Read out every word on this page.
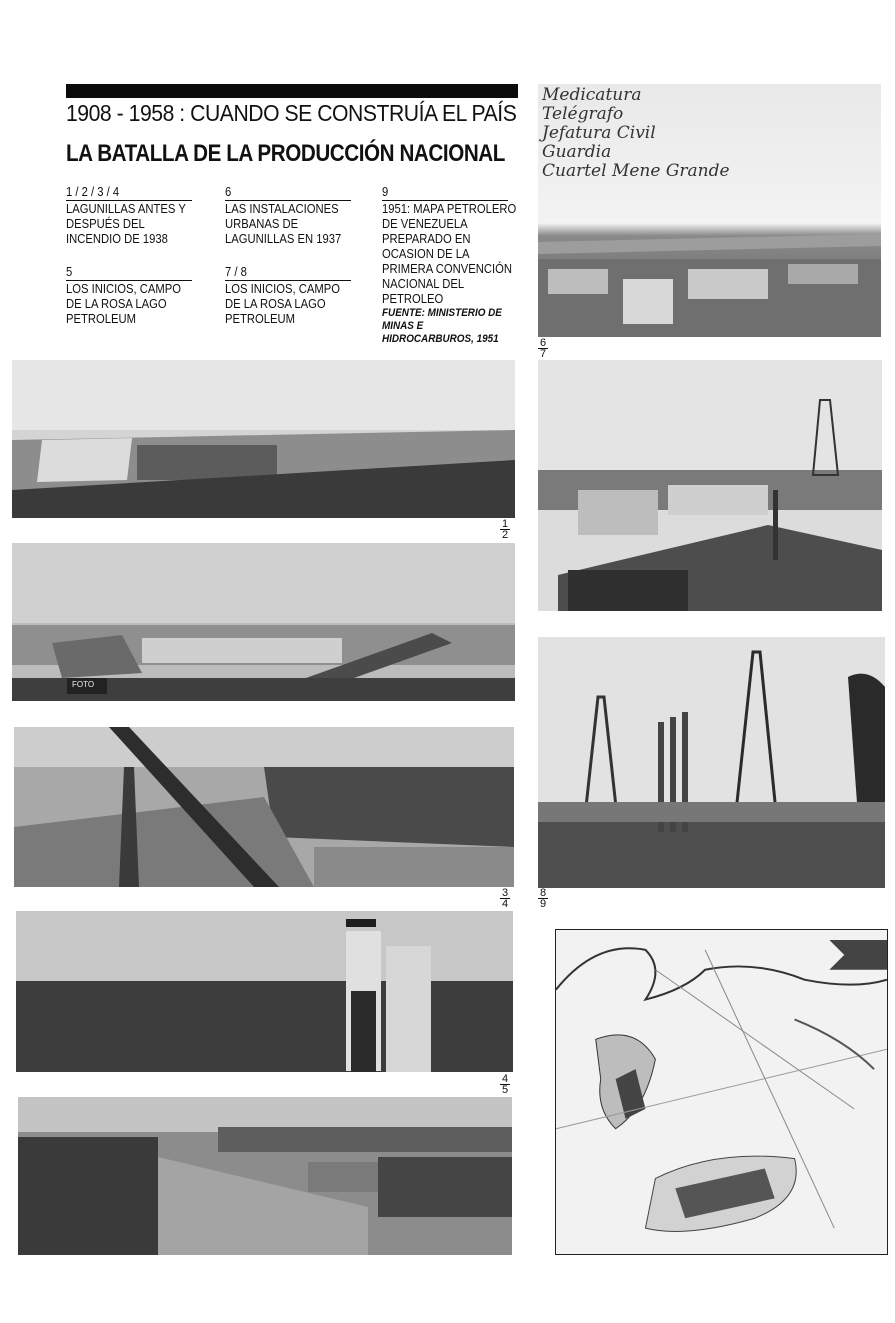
1908 - 1958 : CUANDO SE CONSTRUÍA EL PAÍS
LA BATALLA DE LA PRODUCCIÓN NACIONAL
1 / 2 / 3 / 4
LAGUNILLAS ANTES Y DESPUÉS DEL INCENDIO DE 1938
6
LAS INSTALACIONES URBANAS DE LAGUNILLAS EN 1937
9
1951: MAPA PETROLERO DE VENEZUELA PREPARADO EN OCASION DE LA PRIMERA CONVENCIÓN NACIONAL DEL PETROLEO
FUENTE: MINISTERIO DE MINAS E HIDROCARBUROS, 1951
5
LOS INICIOS, CAMPO DE LA ROSA LAGO PETROLEUM
7 / 8
LOS INICIOS, CAMPO DE LA ROSA LAGO PETROLEUM
Medicatura
Telégrafo
Jefatura Civil
Guardia
Cuartel Mene Grande
6
7
1
2
FOTO
3
4
4
5
8
9
